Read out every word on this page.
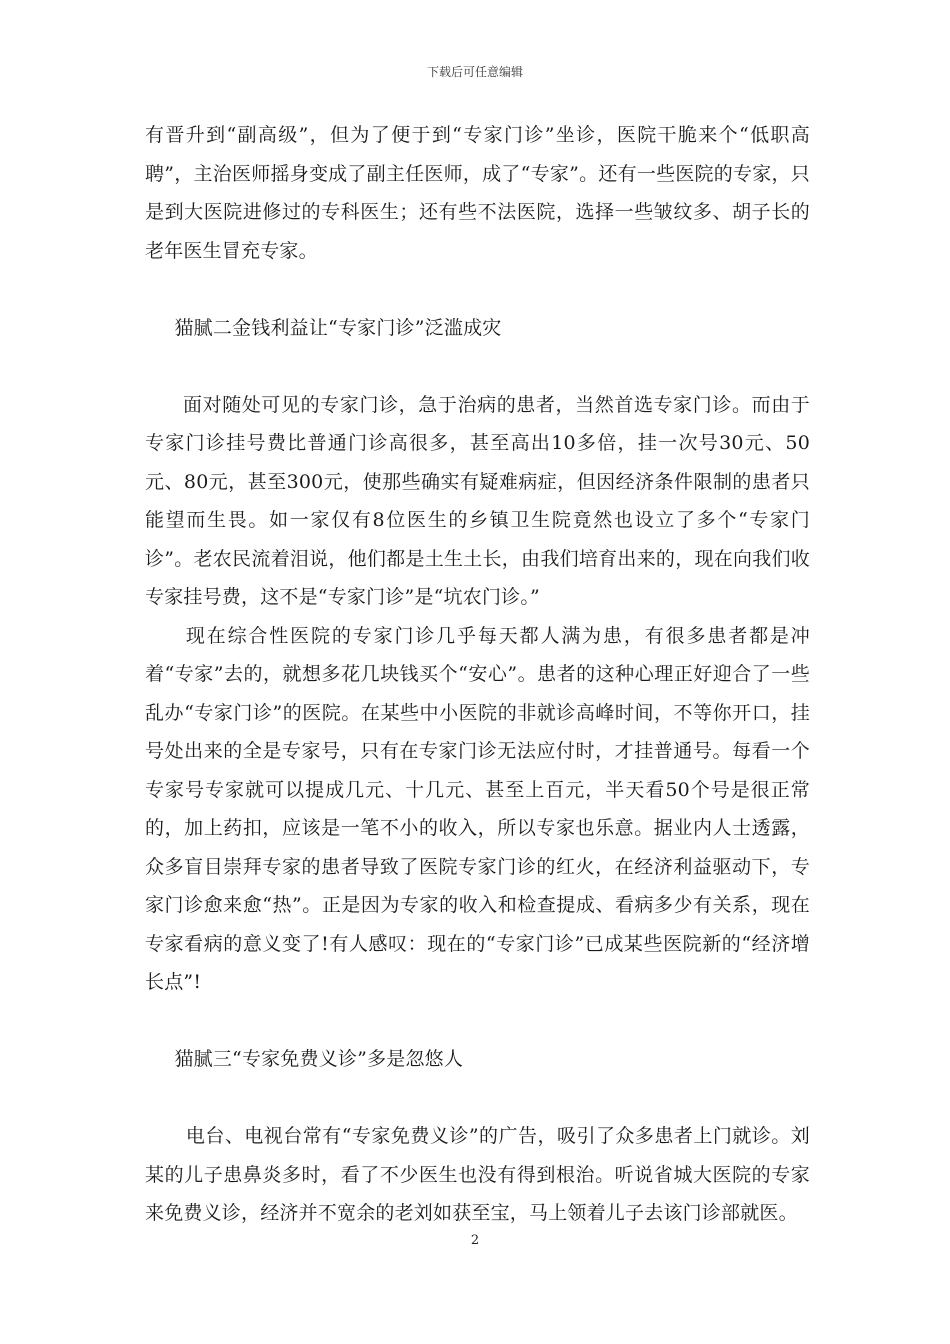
下载后可任意编辑

有晋升到“副高级”，但为了便于到“专家门诊”坐诊，医院干脆来个“低职高聘”，主治医师摇身变成了副主任医师，成了“专家”。还有一些医院的专家，只是到大医院进修过的专科医生；还有些不法医院，选择一些皱纹多、胡子长的老年医生冒充专家。

猫腻二金钱利益让“专家门诊”泛滥成灾

面对随处可见的专家门诊，急于治病的患者，当然首选专家门诊。而由于专家门诊挂号费比普通门诊高很多，甚至高出10多倍，挂一次号30元、50元、80元，甚至300元，使那些确实有疑难病症，但因经济条件限制的患者只能望而生畏。如一家仅有8位医生的乡镇卫生院竟然也设立了多个“专家门诊”。老农民流着泪说，他们都是土生土长，由我们培育出来的，现在向我们收专家挂号费，这不是“专家门诊”是“坑农门诊。”

现在综合性医院的专家门诊几乎每天都人满为患，有很多患者都是冲着“专家”去的，就想多花几块钱买个“安心”。患者的这种心理正好迎合了一些乱办“专家门诊”的医院。在某些中小医院的非就诊高峰时间，不等你开口，挂号处出来的全是专家号，只有在专家门诊无法应付时，才挂普通号。每看一个专家号专家就可以提成几元、十几元、甚至上百元，半天看50个号是很正常的，加上药扣，应该是一笔不小的收入，所以专家也乐意。据业内人士透露，众多盲目崇拜专家的患者导致了医院专家门诊的红火，在经济利益驱动下，专家门诊愈来愈“热”。正是因为专家的收入和检查提成、看病多少有关系，现在专家看病的意义变了!有人感叹：现在的“专家门诊”已成某些医院新的“经济增长点”!

猫腻三“专家免费义诊”多是忽悠人

电台、电视台常有“专家免费义诊”的广告，吸引了众多患者上门就诊。刘某的儿子患鼻炎多时，看了不少医生也没有得到根治。听说省城大医院的专家来免费义诊，经济并不宽余的老刘如获至宝，马上领着儿子去该门诊部就医。

2
